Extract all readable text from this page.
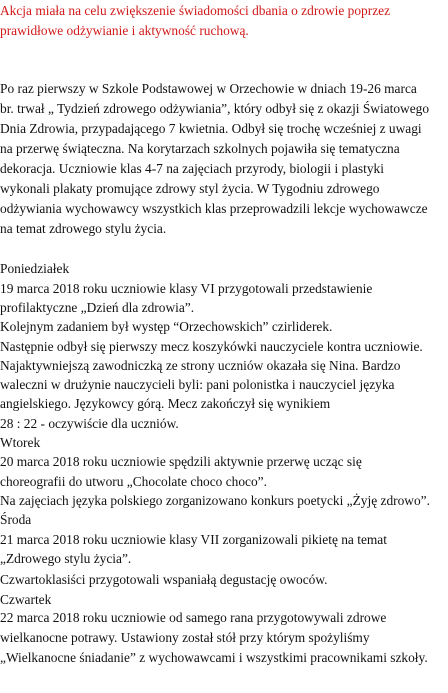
Akcja miała na celu zwiększenie świadomości dbania o zdrowie poprzez
prawidłowe odżywianie i aktywność ruchową.
Po raz pierwszy w Szkole Podstawowej w Orzechowie w dniach 19-26 marca
br. trwał „ Tydzień zdrowego odżywiania”, który odbył się z okazji Światowego
Dnia Zdrowia, przypadającego 7 kwietnia. Odbył się trochę wcześniej z uwagi
na przerwę świąteczna. Na korytarzach szkolnych pojawiła się tematyczna
dekoracja. Uczniowie klas 4-7 na zajęciach przyrody, biologii i plastyki
wykonali plakaty promujące zdrowy styl życia. W Tygodniu zdrowego
odżywiania wychowawcy wszystkich klas przeprowadzili lekcje wychowawcze
na temat zdrowego stylu życia.
Poniedziałek
19 marca 2018 roku uczniowie klasy VI przygotowali przedstawienie
profilaktyczne „Dzień dla zdrowia”.
Kolejnym zadaniem był występ “Orzechowskich” czirliderek.
Następnie odbył się pierwszy mecz koszykówki nauczyciele kontra uczniowie.
Najaktywniejszą zawodniczką ze strony uczniów okazała się Nina. Bardzo
waleczni w drużynie nauczycieli byli: pani polonistka i nauczyciel języka
angielskiego. Językowcy górą. Mecz zakończył się wynikiem
28 : 22 - oczywiście dla uczniów.
Wtorek
20 marca 2018 roku uczniowie spędzili aktywnie przerwę ucząc się
choreografii do utworu „Chocolate choco choco”.
Na zajęciach języka polskiego zorganizowano konkurs poetycki „Żyję zdrowo”.
Środa
21 marca 2018 roku uczniowie klasy VII zorganizowali pikietę na temat
„Zdrowego stylu życia”.
Czwartoklasiści przygotowali wspaniałą degustację owoców.
Czwartek
22 marca 2018 roku uczniowie od samego rana przygotowywali zdrowe
wielkanocne potrawy. Ustawiony został stół przy którym spożyliśmy
„Wielkanocne śniadanie” z wychowawcami i wszystkimi pracownikami szkoły.
